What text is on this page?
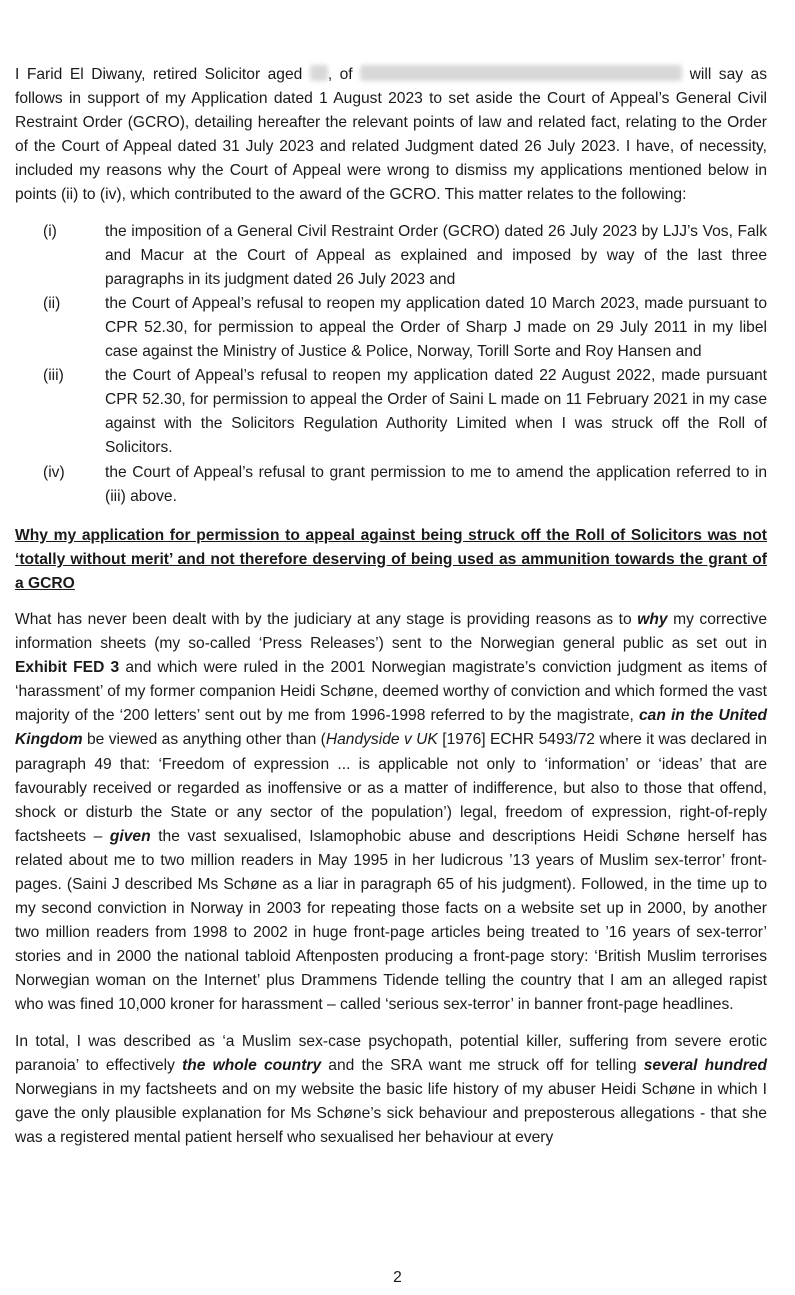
I Farid El Diwany, retired Solicitor aged , of	will say as follows in support of my Application dated 1 August 2023 to set aside the Court of Appeal’s General Civil Restraint Order (GCRO), detailing hereafter the relevant points of law and related fact, relating to the Order of the Court of Appeal dated 31 July 2023 and related Judgment dated 26 July 2023. I have, of necessity, included my reasons why the Court of Appeal were wrong to dismiss my applications mentioned below in points (ii) to (iv), which contributed to the award of the GCRO. This matter relates to the following:

(i)	the imposition of a General Civil Restraint Order (GCRO) dated 26 July 2023 by LJJ’s Vos, Falk and Macur at the Court of Appeal as explained and imposed by way of the last three paragraphs in its judgment dated 26 July 2023 and
(ii)	the Court of Appeal’s refusal to reopen my application dated 10 March 2023, made pursuant to CPR 52.30, for permission to appeal the Order of Sharp J made on 29 July 2011 in my libel case against the Ministry of Justice & Police, Norway, Torill Sorte and Roy Hansen and
(iii)	the Court of Appeal’s refusal to reopen my application dated 22 August 2022, made pursuant CPR 52.30, for permission to appeal the Order of Saini L made on 11 February 2021 in my case against with the Solicitors Regulation Authority Limited when I was struck off the Roll of Solicitors.
(iv)	the Court of Appeal’s refusal to grant permission to me to amend the application referred to in (iii) above.

Why my application for permission to appeal against being struck off the Roll of Solicitors was not ‘totally without merit’ and not therefore deserving of being used as ammunition towards the grant of a GCRO

What has never been dealt with by the judiciary at any stage is providing reasons as to why my corrective information sheets (my so-called ‘Press Releases’) sent to the Norwegian general public as set out in Exhibit FED 3 and which were ruled in the 2001 Norwegian magistrate’s conviction judgment as items of ‘harassment’ of my former companion Heidi Schøne, deemed worthy of conviction and which formed the vast majority of the ‘200 letters’ sent out by me from 1996-1998 referred to by the magistrate, can in the United Kingdom be viewed as anything other than (Handyside v UK [1976] ECHR 5493/72 where it was declared in paragraph 49 that: ‘Freedom of expression ... is applicable not only to ‘information’ or ‘ideas’ that are favourably received or regarded as inoffensive or as a matter of indifference, but also to those that offend, shock or disturb the State or any sector of the population’) legal, freedom of expression, right-of-reply factsheets – given the vast sexualised, Islamophobic abuse and descriptions Heidi Schøne herself has related about me to two million readers in May 1995 in her ludicrous ’13 years of Muslim sex-terror’ front-pages. (Saini J described Ms Schøne as a liar in paragraph 65 of his judgment). Followed, in the time up to my second conviction in Norway in 2003 for repeating those facts on a website set up in 2000, by another two million readers from 1998 to 2002 in huge front-page articles being treated to ’16 years of sex-terror’ stories and in 2000 the national tabloid Aftenposten producing a front-page story: ‘British Muslim terrorises Norwegian woman on the Internet’ plus Drammens Tidende telling the country that I am an alleged rapist who was fined 10,000 kroner for harassment – called ‘serious sex-terror’ in banner front-page headlines.

In total, I was described as ‘a Muslim sex-case psychopath, potential killer, suffering from severe erotic paranoia’ to effectively the whole country and the SRA want me struck off for telling several hundred Norwegians in my factsheets and on my website the basic life history of my abuser Heidi Schøne in which I gave the only plausible explanation for Ms Schøne’s sick behaviour and preposterous allegations - that she was a registered mental patient herself who sexualised her behaviour at every

2
